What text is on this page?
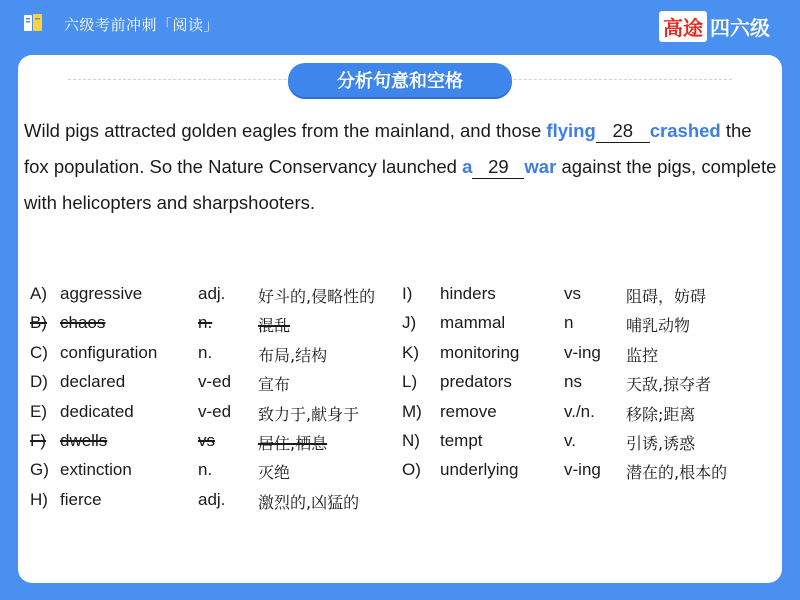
六级考前冲刺「阅读」	高途 四六级
分析句意和空格
Wild pigs attracted golden eagles from the mainland, and those flying 28 crashed the fox population. So the Nature Conservancy launched a 29 war against the pigs, complete with helicopters and sharpshooters.
A) aggressive	adj. 好斗的,侵略性的 I) hinders	vs	阻碍，妨碍
B) chaos	n.	混乱	J) mammal	n	哺乳动物
C) configuration n.	布局,结构	K) monitoring	v-ing 监控
D) declared	v-ed 宣布	L) predators	ns	天敌,掠夺者
E) dedicated	v-ed 致力于,献身于	M) remove	v./n. 移除;距离
F) dwells	vs	居住,栖息	N) tempt	v.	引诱,诱惑
G) extinction	n.	灭绝	O) underlying	v-ing 潜在的,根本的
H) fierce	adj. 激烈的,凶猛的
